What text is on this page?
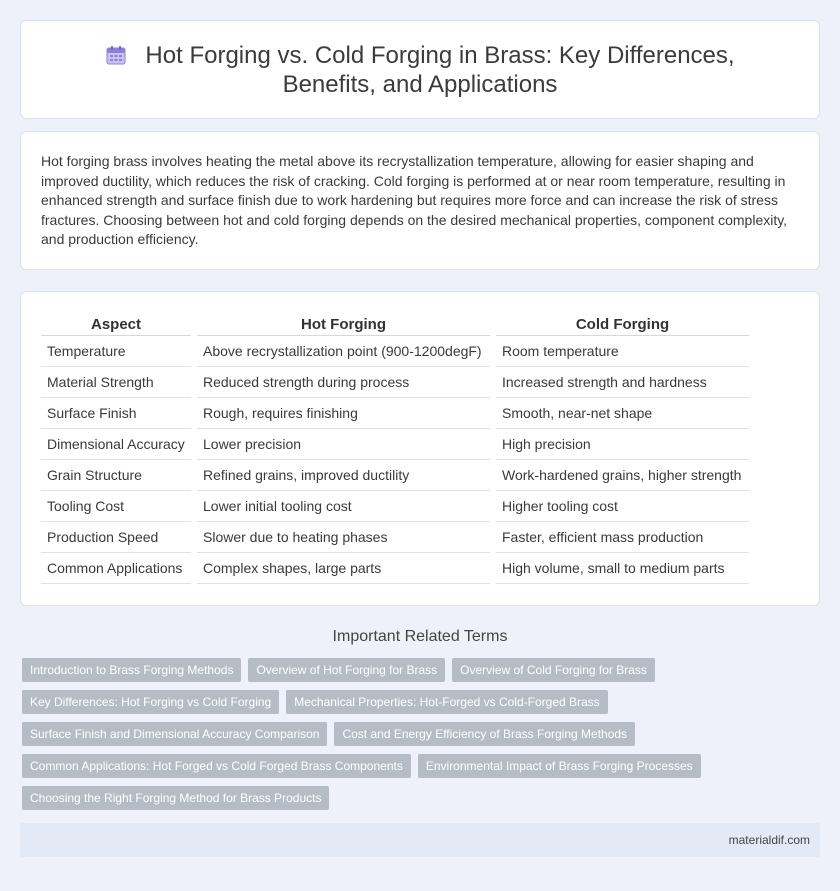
Hot Forging vs. Cold Forging in Brass: Key Differences, Benefits, and Applications

Hot forging brass involves heating the metal above its recrystallization temperature, allowing for easier shaping and improved ductility, which reduces the risk of cracking. Cold forging is performed at or near room temperature, resulting in enhanced strength and surface finish due to work hardening but requires more force and can increase the risk of stress fractures. Choosing between hot and cold forging depends on the desired mechanical properties, component complexity, and production efficiency.

Aspect	Hot Forging	Cold Forging
Temperature	Above recrystallization point (900-1200degF)	Room temperature
Material Strength	Reduced strength during process	Increased strength and hardness
Surface Finish	Rough, requires finishing	Smooth, near-net shape
Dimensional Accuracy	Lower precision	High precision
Grain Structure	Refined grains, improved ductility	Work-hardened grains, higher strength
Tooling Cost	Lower initial tooling cost	Higher tooling cost
Production Speed	Slower due to heating phases	Faster, efficient mass production
Common Applications	Complex shapes, large parts	High volume, small to medium parts
Important Related Terms
Introduction to Brass Forging Methods	Overview of Hot Forging for Brass	Overview of Cold Forging for Brass
Key Differences: Hot Forging vs Cold Forging	Mechanical Properties: Hot-Forged vs Cold-Forged Brass
Surface Finish and Dimensional Accuracy Comparison	Cost and Energy Efficiency of Brass Forging Methods
Common Applications: Hot Forged vs Cold Forged Brass Components	Environmental Impact of Brass Forging Processes
Choosing the Right Forging Method for Brass Products
materialdif.com
